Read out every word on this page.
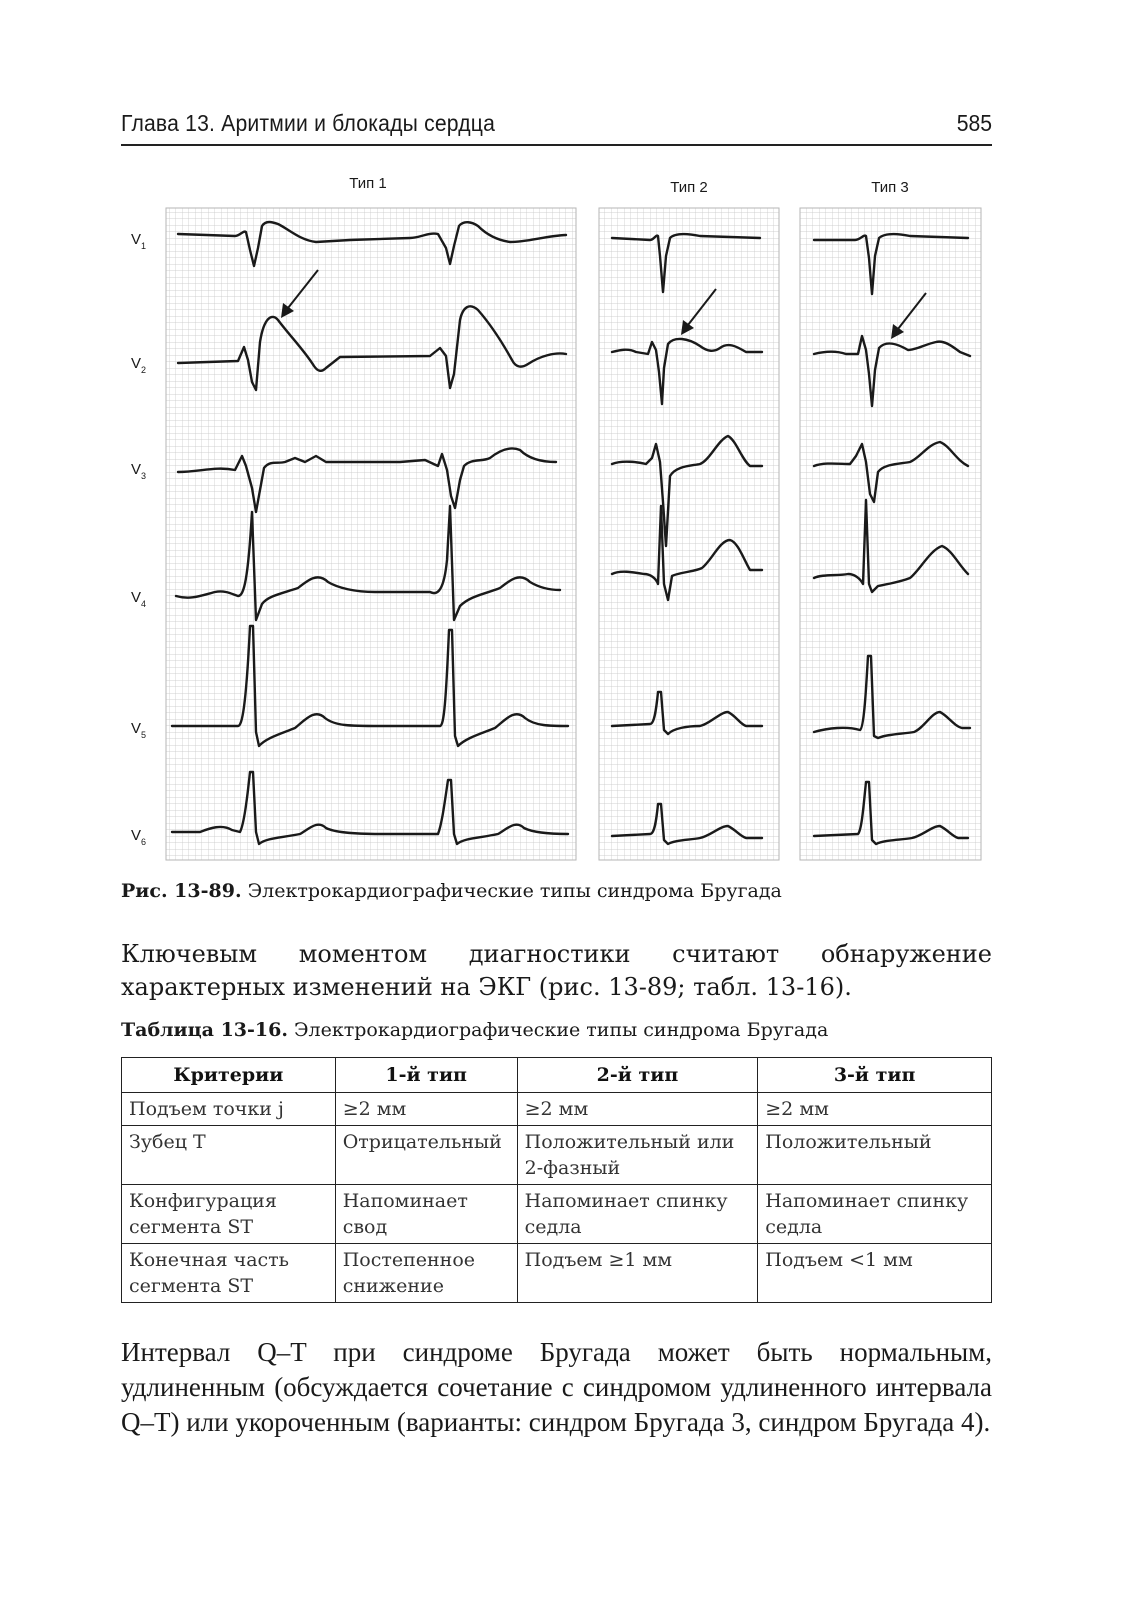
Глава 13. Аритмии и блокады сердца	585
Тип 1	Тип 2	Тип 3
$V_1$
$V_2$
$V_3$
$V_4$
$V_5$
$V_6$
Рис. 13-89. Электрокардиографические типы синдрома Бругада
Ключевым моментом диагностики считают обнаружение характерных изменений на ЭКГ (рис. 13-89; табл. 13-16).
Таблица 13-16. Электрокардиографические типы синдрома Бругада
Критерии	1-й тип	2-й тип	3-й тип
Подъем точки j	≥2 мм	≥2 мм	≥2 мм
Зубец T	Отрицательный	Положительный или 2-фазный	Положительный
Конфигурация сегмента ST	Напоминает свод	Напоминает спинку седла	Напоминает спинку седла
Конечная часть сегмента ST	Постепенное снижение	Подъем ≥1 мм	Подъем <1 мм
Интервал Q–T при синдроме Бругада может быть нормальным, удлиненным (обсуждается сочетание с синдромом удлиненного интервала Q–T) или укороченным (варианты: синдром Бругада 3, синдром Бругада 4).
